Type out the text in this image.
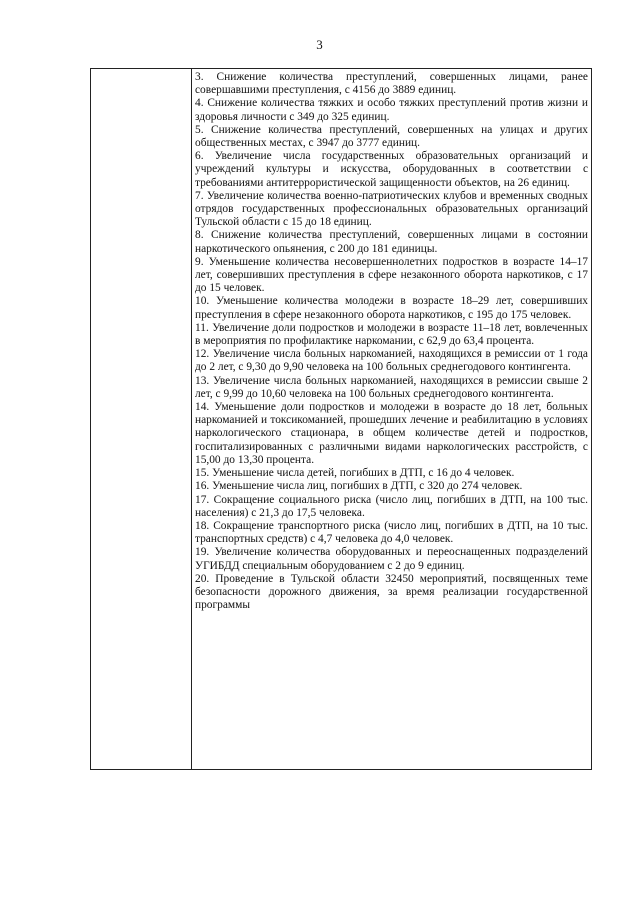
3

3. Снижение количества преступлений, совершенных лицами, ранее совершавшими преступления, с 4156 до 3889 единиц.

4. Снижение количества тяжких и особо тяжких преступлений против жизни и здоровья личности с 349 до 325 единиц.

5. Снижение количества преступлений, совершенных на улицах и других общественных местах, с 3947 до 3777 единиц.

6. Увеличение числа государственных образовательных организаций и учреждений культуры и искусства, оборудованных в соответствии с требованиями антитеррористической защищенности объектов, на 26 единиц.

7. Увеличение количества военно-патриотических клубов и временных сводных отрядов государственных профессиональных образовательных организаций Тульской области с 15 до 18 единиц.

8. Снижение количества преступлений, совершенных лицами в состоянии наркотического опьянения, с 200 до 181 единицы.

9. Уменьшение количества несовершеннолетних подростков в возрасте 14–17 лет, совершивших преступления в сфере незаконного оборота наркотиков, с 17 до 15 человек.

10. Уменьшение количества молодежи в возрасте 18–29 лет, совершивших преступления в сфере незаконного оборота наркотиков, с 195 до 175 человек.

11. Увеличение доли подростков и молодежи в возрасте 11–18 лет, вовлеченных в мероприятия по профилактике наркомании, с 62,9 до 63,4 процента.

12. Увеличение числа больных наркоманией, находящихся в ремиссии от 1 года до 2 лет, с 9,30 до 9,90 человека на 100 больных среднегодового контингента.

13. Увеличение числа больных наркоманией, находящихся в ремиссии свыше 2 лет, с 9,99 до 10,60 человека на 100 больных среднегодового контингента.

14. Уменьшение доли подростков и молодежи в возрасте до 18 лет, больных наркоманией и токсикоманией, прошедших лечение и реабилитацию в условиях наркологического стационара, в общем количестве детей и подростков, госпитализированных с различными видами наркологических расстройств, с 15,00 до 13,30 процента.

15. Уменьшение числа детей, погибших в ДТП, с 16 до 4 человек.

16. Уменьшение числа лиц, погибших в ДТП, с 320 до 274 человек.

17. Сокращение социального риска (число лиц, погибших в ДТП, на 100 тыс. населения) с 21,3 до 17,5 человека.

18. Сокращение транспортного риска (число лиц, погибших в ДТП, на 10 тыс. транспортных средств) с 4,7 человека до 4,0 человек.

19. Увеличение количества оборудованных и переоснащенных подразделений УГИБДД специальным оборудованием с 2 до 9 единиц.

20. Проведение в Тульской области 32450 мероприятий, посвященных теме безопасности дорожного движения, за время реализации государственной программы
